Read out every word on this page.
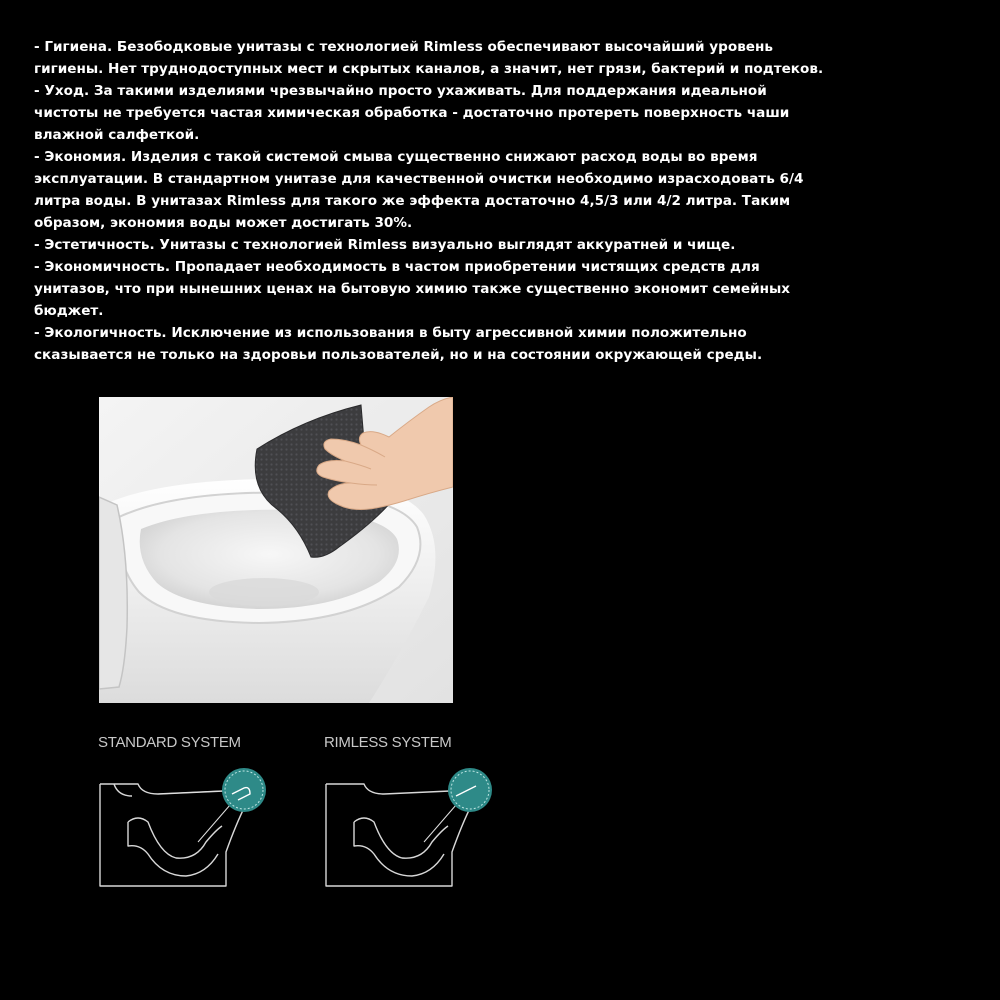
- Гигиена. Безободковые унитазы с технологией Rimless обеспечивают высочайший уровень
гигиены. Нет труднодоступных мест и скрытых каналов, а значит, нет грязи, бактерий и подтеков.
- Уход. За такими изделиями чрезвычайно просто ухаживать. Для поддержания идеальной
чистоты не требуется частая химическая обработка - достаточно протереть поверхность чаши
влажной салфеткой.
- Экономия. Изделия с такой системой смыва существенно снижают расход воды во время
эксплуатации. В стандартном унитазе для качественной очистки необходимо израсходовать 6/4
литра воды. В унитазах Rimless для такого же эффекта достаточно 4,5/3 или 4/2 литра. Таким
образом, экономия воды может достигать 30%.
- Эстетичность. Унитазы с технологией Rimless визуально выглядят аккуратней и чище.
- Экономичность. Пропадает необходимость в частом приобретении чистящих средств для
унитазов, что при нынешних ценах на бытовую химию также существенно экономит семейных
бюджет.
- Экологичность. Исключение из использования в быту агрессивной химии положительно
сказывается не только на здоровьи пользователей, но и на состоянии окружающей среды.
STANDARD SYSTEM	RIMLESS SYSTEM
